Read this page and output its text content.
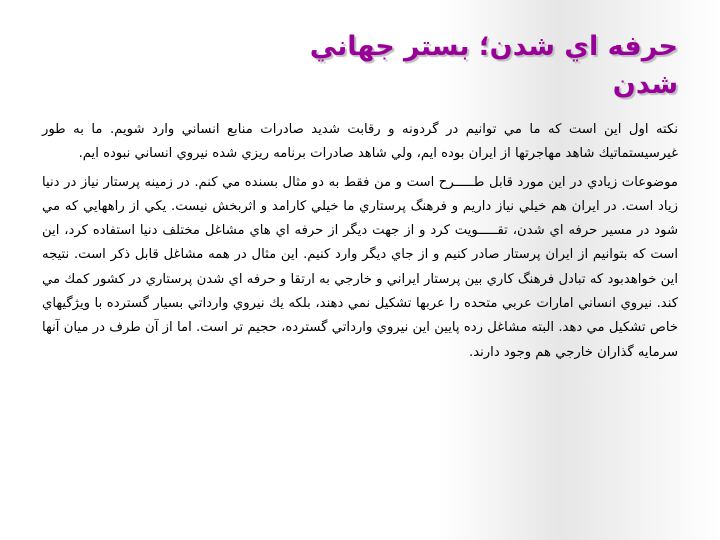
حرفه اي شدن؛ بستر جهاني
شدن

نكته اول اين است كه ما مي توانيم در گردونه و رقابت شديد صادرات منابع انساني وارد شويم. ما به طور غيرسيستماتيك شاهد مهاجرتها از ايران بوده ايم، ولي شاهد صادرات برنامه ريزي شده نيروي انساني نبوده ايم.

موضوعات زيادي در اين مورد قابل طـــــرح است و من فقط به دو مثال بسنده مي كنم. در زمينه پرستار نياز در دنيا زياد است. در ايران هم خيلي نياز داريم و فرهنگ پرستاري ما خيلي كارامد و اثربخش نيست. يكي از راههايي كه مي شود در مسير حرفه اي شدن، تقـــــويت كرد و از جهت ديگر از حرفه اي هاي مشاغل مختلف دنيا استفاده كرد، اين است كه بتوانيم از ايران پرستار صادر كنيم و از جاي ديگر وارد كنيم. اين مثال در همه مشاغل قابل ذكر است. نتيجه اين خواهدبود كه تبادل فرهنگ كاري بين پرستار ايراني و خارجي به ارتقا و حرفه اي شدن پرستاري در كشور كمك مي كند. نيروي انساني امارات عربي متحده را عربها تشكيل نمي دهند، بلكه يك نيروي وارداتي بسيار گسترده با ويژگيهاي خاص تشكيل مي دهد. البته مشاغل رده پايين اين نيروي وارداتي گسترده، حجيم تر است. اما از آن طرف در ميان آنها سرمايه گذاران خارجي هم وجود دارند.
